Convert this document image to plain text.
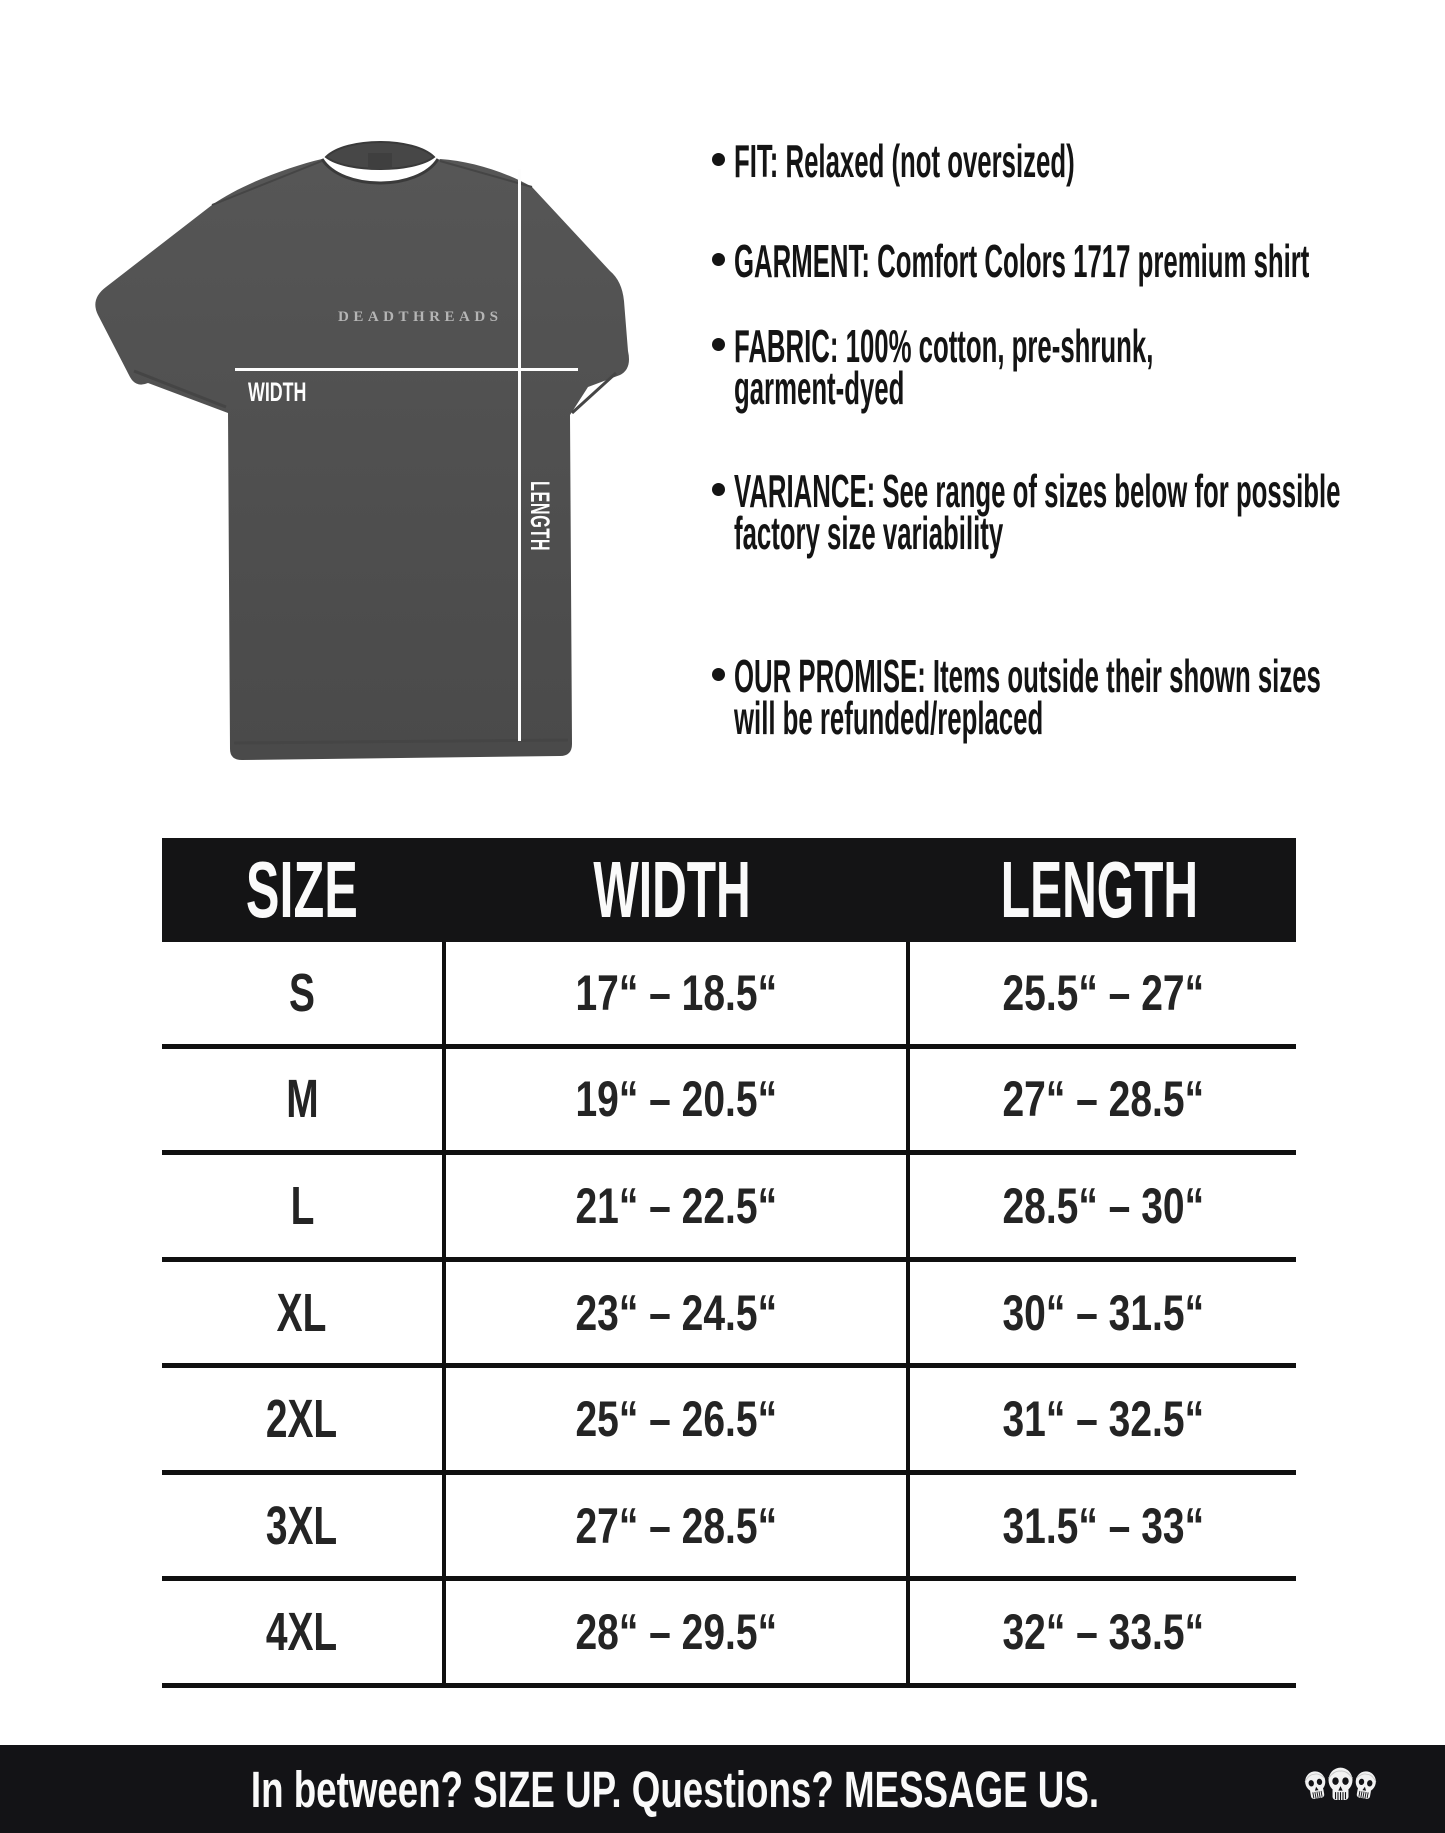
DEADTHREADS
WIDTH
LENGTH
FIT: Relaxed (not oversized)
GARMENT: Comfort Colors 1717 premium shirt
FABRIC: 100% cotton, pre-shrunk,
garment-dyed
VARIANCE: See range of sizes below for possible
factory size variability
OUR PROMISE: Items outside their shown sizes
will be refunded/replaced
SIZE	WIDTH	LENGTH
S	17“ – 18.5“	25.5“ – 27“
M	19“ – 20.5“	27“ – 28.5“
L	21“ – 22.5“	28.5“ – 30“
XL	23“ – 24.5“	30“ – 31.5“
2XL	25“ – 26.5“	31“ – 32.5“
3XL	27“ – 28.5“	31.5“ – 33“
4XL	28“ – 29.5“	32“ – 33.5“
In between? SIZE UP. Questions? MESSAGE US.
